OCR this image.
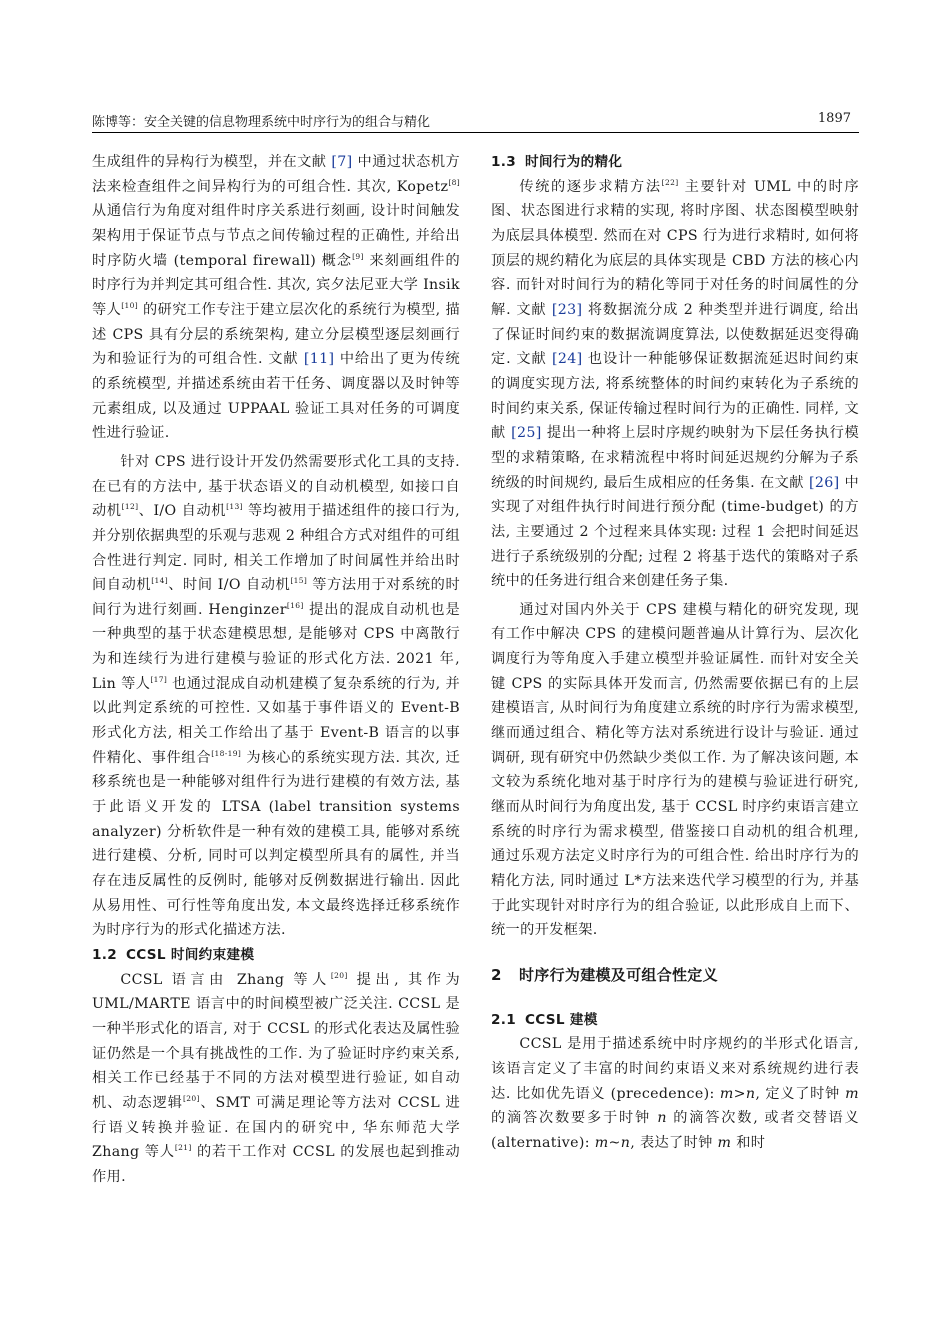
陈博等：安全关键的信息物理系统中时序行为的组合与精化	1897

生成组件的异构行为模型，并在文献 [7] 中通过状态机方法来检查组件之间异构行为的可组合性. 其次, Kopetz[8] 从通信行为角度对组件时序关系进行刻画, 设计时间触发架构用于保证节点与节点之间传输过程的正确性, 并给出时序防火墙 (temporal firewall) 概念[9] 来刻画组件的时序行为并判定其可组合性. 其次, 宾夕法尼亚大学 Insik 等人[10] 的研究工作专注于建立层次化的系统行为模型, 描述 CPS 具有分层的系统架构, 建立分层模型逐层刻画行为和验证行为的可组合性. 文献 [11] 中给出了更为传统的系统模型, 并描述系统由若干任务、调度器以及时钟等元素组成, 以及通过 UPPAAL 验证工具对任务的可调度性进行验证.

针对 CPS 进行设计开发仍然需要形式化工具的支持. 在已有的方法中, 基于状态语义的自动机模型, 如接口自动机[12]、I/O 自动机[13] 等均被用于描述组件的接口行为, 并分别依据典型的乐观与悲观 2 种组合方式对组件的可组合性进行判定. 同时, 相关工作增加了时间属性并给出时间自动机[14]、时间 I/O 自动机[15] 等方法用于对系统的时间行为进行刻画. Henginzer[16] 提出的混成自动机也是一种典型的基于状态建模思想, 是能够对 CPS 中离散行为和连续行为进行建模与验证的形式化方法. 2021 年, Lin 等人[17] 也通过混成自动机建模了复杂系统的行为, 并以此判定系统的可控性. 又如基于事件语义的 Event-B 形式化方法, 相关工作给出了基于 Event-B 语言的以事件精化、事件组合[18-19] 为核心的系统实现方法. 其次, 迁移系统也是一种能够对组件行为进行建模的有效方法, 基于此语义开发的 LTSA (label transition systems analyzer) 分析软件是一种有效的建模工具, 能够对系统进行建模、分析, 同时可以判定模型所具有的属性, 并当存在违反属性的反例时, 能够对反例数据进行输出. 因此从易用性、可行性等角度出发, 本文最终选择迁移系统作为时序行为的形式化描述方法.

1.2 CCSL 时间约束建模

CCSL 语言由 Zhang 等人[20] 提出, 其作为 UML/MARTE 语言中的时间模型被广泛关注. CCSL 是一种半形式化的语言, 对于 CCSL 的形式化表达及属性验证仍然是一个具有挑战性的工作. 为了验证时序约束关系, 相关工作已经基于不同的方法对模型进行验证, 如自动机、动态逻辑[20]、SMT 可满足理论等方法对 CCSL 进行语义转换并验证. 在国内的研究中, 华东师范大学 Zhang 等人[21] 的若干工作对 CCSL 的发展也起到推动作用.

1.3 时间行为的精化

传统的逐步求精方法[22] 主要针对 UML 中的时序图、状态图进行求精的实现, 将时序图、状态图模型映射为底层具体模型. 然而在对 CPS 行为进行求精时, 如何将顶层的规约精化为底层的具体实现是 CBD 方法的核心内容. 而针对时间行为的精化等同于对任务的时间属性的分解. 文献 [23] 将数据流分成 2 种类型并进行调度, 给出了保证时间约束的数据流调度算法, 以使数据延迟变得确定. 文献 [24] 也设计一种能够保证数据流延迟时间约束的调度实现方法, 将系统整体的时间约束转化为子系统的时间约束关系, 保证传输过程时间行为的正确性. 同样, 文献 [25] 提出一种将上层时序规约映射为下层任务执行模型的求精策略, 在求精流程中将时间延迟规约分解为子系统级的时间规约, 最后生成相应的任务集. 在文献 [26] 中实现了对组件执行时间进行预分配 (time-budget) 的方法, 主要通过 2 个过程来具体实现: 过程 1 会把时间延迟进行子系统级别的分配; 过程 2 将基于迭代的策略对子系统中的任务进行组合来创建任务子集.

通过对国内外关于 CPS 建模与精化的研究发现, 现有工作中解决 CPS 的建模问题普遍从计算行为、层次化调度行为等角度入手建立模型并验证属性. 而针对安全关键 CPS 的实际具体开发而言, 仍然需要依据已有的上层建模语言, 从时间行为角度建立系统的时序行为需求模型, 继而通过组合、精化等方法对系统进行设计与验证. 通过调研, 现有研究中仍然缺少类似工作. 为了解决该问题, 本文较为系统化地对基于时序行为的建模与验证进行研究, 继而从时间行为角度出发, 基于 CCSL 时序约束语言建立系统的时序行为需求模型, 借鉴接口自动机的组合机理, 通过乐观方法定义时序行为的可组合性. 给出时序行为的精化方法, 同时通过 L*方法来迭代学习模型的行为, 并基于此实现针对时序行为的组合验证, 以此形成自上而下、统一的开发框架.

2 时序行为建模及可组合性定义
2.1 CCSL 建模

CCSL 是用于描述系统中时序规约的半形式化语言, 该语言定义了丰富的时间约束语义来对系统规约进行表达. 比如优先语义 (precedence): m>n, 定义了时钟 m 的滴答次数要多于时钟 n 的滴答次数, 或者交替语义 (alternative): m~n, 表达了时钟 m 和时
